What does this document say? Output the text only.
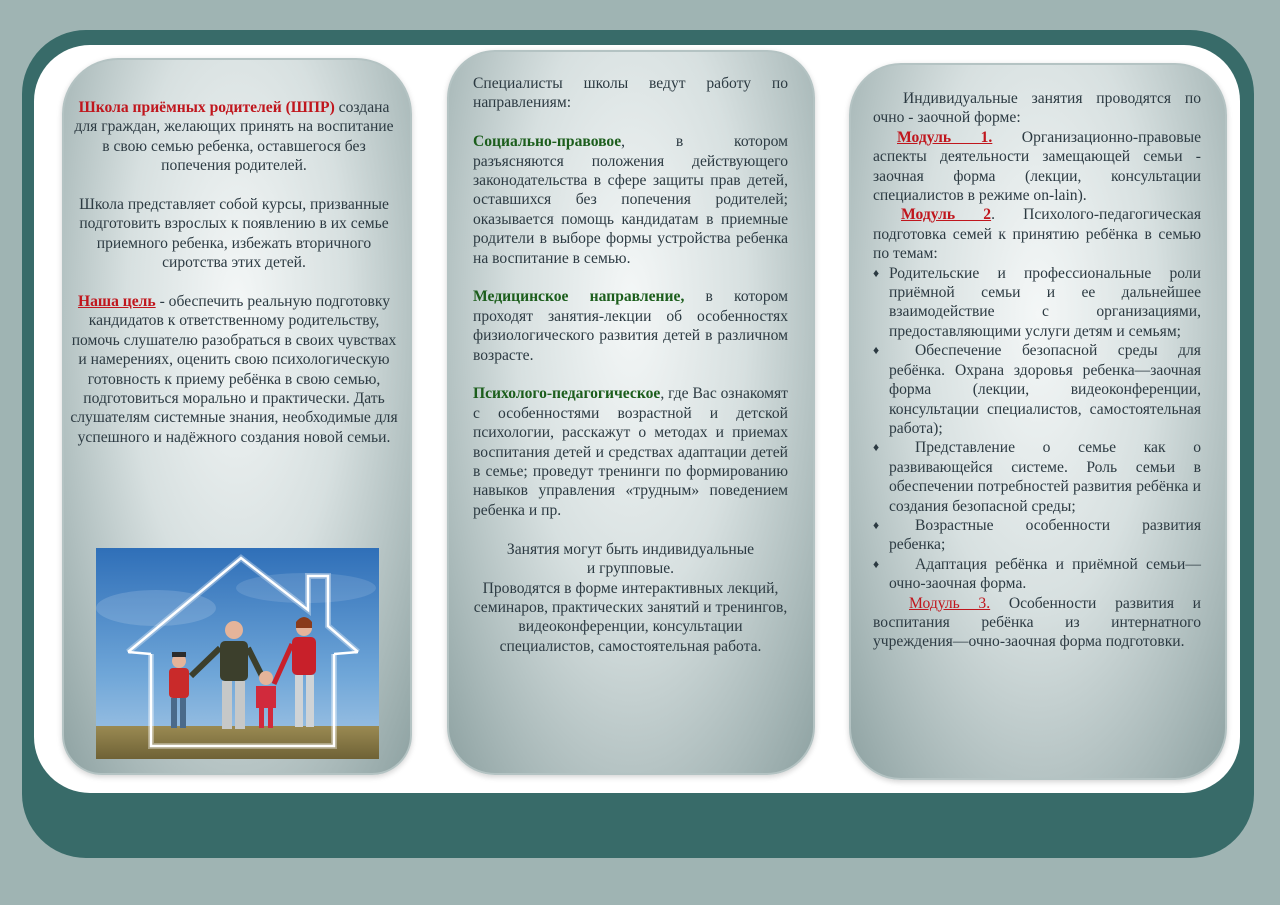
Школа приёмных родителей (ШПР) создана для граждан, желающих принять на воспитание в свою семью ребенка, оставшегося без попечения родителей.

Школа представляет собой курсы, призванные подготовить взрослых к появлению в их семье приемного ребенка, избежать вторичного сиротства этих детей.

Наша цель - обеспечить реальную подготовку кандидатов к ответственному родительству, помочь слушателю разобраться в своих чувствах и намерениях, оценить свою психологическую готовность к приему ребёнка в свою семью, подготовиться морально и практически. Дать слушателям системные знания, необходимые для успешного и надёжного создания новой семьи.

Специалисты школы ведут работу по направлениям:

Социально-правовое, в котором разъясняются положения действующего законодательства в сфере защиты прав детей, оставшихся без попечения родителей; оказывается помощь кандидатам в приемные родители в выборе формы устройства ребенка на воспитание в семью.

Медицинское направление, в котором проходят занятия-лекции об особенностях физиологического развития детей в различном возрасте.

Психолого-педагогическое, где Вас ознакомят с особенностями возрастной и детской психологии, расскажут о методах и приемах воспитания детей и средствах адаптации детей в семье; проведут тренинги по формированию навыков управления «трудным» поведением ребенка и пр.

Занятия могут быть индивидуальные

и групповые.

Проводятся в форме интерактивных лекций, семинаров, практических занятий и тренингов, видеоконференции, консультации специалистов, самостоятельная работа.

Индивидуальные занятия проводятся по очно - заочной форме:

Модуль 1. Организационно-правовые аспекты деятельности замещающей семьи - заочная форма (лекции, консультации специалистов в режиме on-lain).

Модуль 2. Психолого-педагогическая подготовка семей к принятию ребёнка в семью по темам:

♦ Родительские и профессиональные роли приёмной семьи и ее дальнейшее взаимодействие с организациями, предоставляющими услуги детям и семьям;
♦	Обеспечение безопасной среды для ребёнка. Охрана здоровья ребенка—заочная форма (лекции, видеоконференции, консультации специалистов, самостоятельная работа);
♦	Представление о семье как о развивающейся системе. Роль семьи в обеспечении потребностей развития ребёнка и создания безопасной среды;
♦	Возрастные особенности развития ребенка;
♦	Адаптация ребёнка и приёмной семьи—очно-заочная форма.

Модуль 3. Особенности развития и воспитания ребёнка из интернатного учреждения—очно-заочная форма подготовки.
